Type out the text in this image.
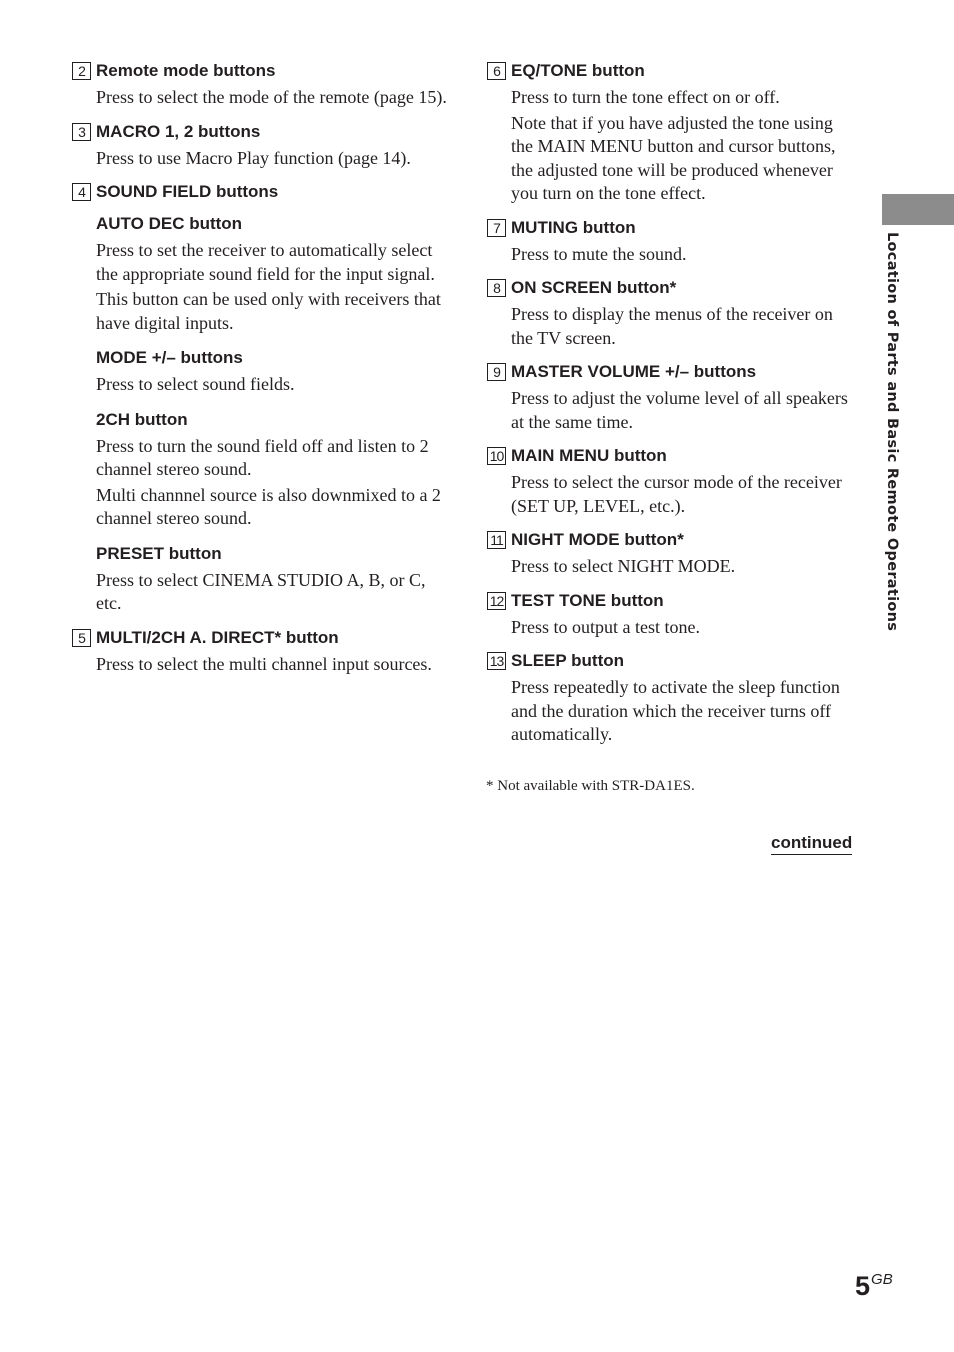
2 Remote mode buttons

Press to select the mode of the remote (page 15).

3 MACRO 1, 2 buttons

Press to use Macro Play function (page 14).

4 SOUND FIELD buttons
AUTO DEC button

Press to set the receiver to automatically select the appropriate sound field for the input signal.

This button can be used only with receivers that have digital inputs.

MODE +/– buttons

Press to select sound fields.

2CH button

Press to turn the sound field off and listen to 2 channel stereo sound.

Multi channnel source is also downmixed to a 2 channel stereo sound.

PRESET button

Press to select CINEMA STUDIO A, B, or C, etc.

5 MULTI/2CH A. DIRECT* button

Press to select the multi channel input sources.

6 EQ/TONE button

Press to turn the tone effect on or off.

Note that if you have adjusted the tone using the MAIN MENU button and cursor buttons, the adjusted tone will be produced whenever you turn on the tone effect.

7 MUTING button

Press to mute the sound.

8 ON SCREEN button*

Press to display the menus of the receiver on the TV screen.

9 MASTER VOLUME +/– buttons

Press to adjust the volume level of all speakers at the same time.

10 MAIN MENU button

Press to select the cursor mode of the receiver (SET UP, LEVEL, etc.).

11 NIGHT MODE button*

Press to select NIGHT MODE.

12 TEST TONE button

Press to output a test tone.

13 SLEEP button

Press repeatedly to activate the sleep function and the duration which the receiver turns off automatically.

* Not available with STR-DA1ES.
continued
Location of Parts and Basic Remote Operations
5GB
